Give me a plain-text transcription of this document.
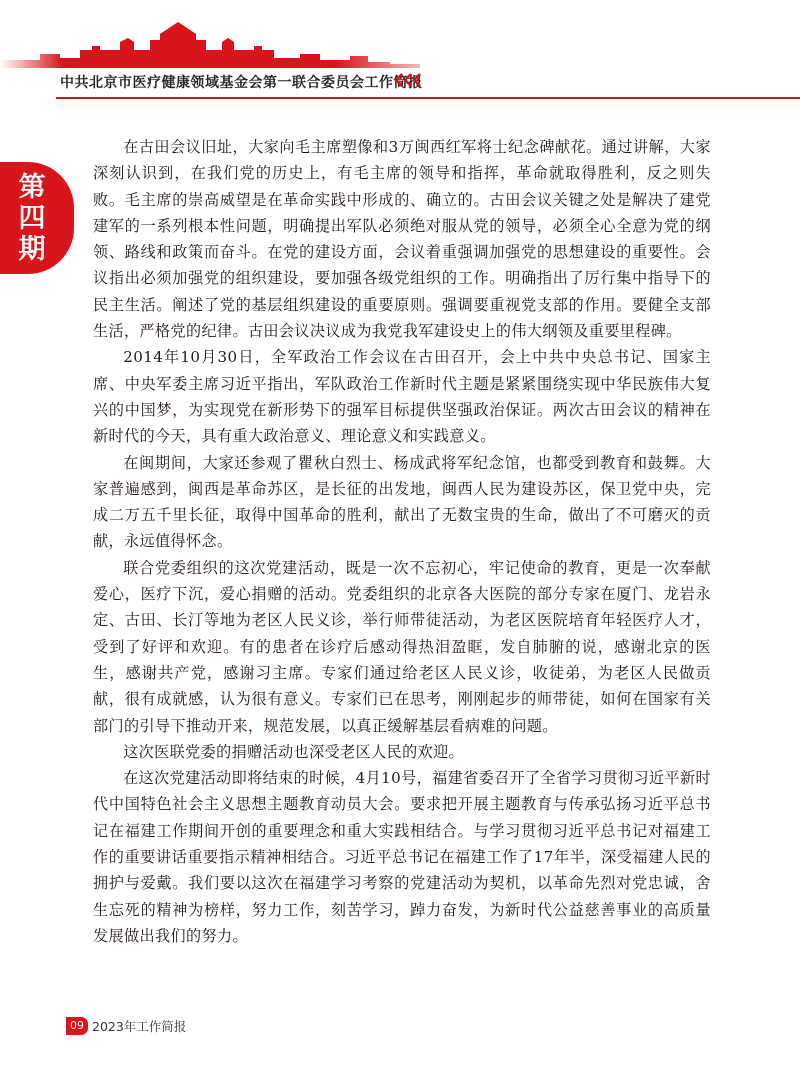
中共北京市医疗健康领域基金会第一联合委员会工作简报
第
四
期

在古田会议旧址，大家向毛主席塑像和3万闽西红军将士纪念碑献花。通过讲解，大家深刻认识到，在我们党的历史上，有毛主席的领导和指挥，革命就取得胜利，反之则失败。毛主席的崇高威望是在革命实践中形成的、确立的。古田会议关键之处是解决了建党建军的一系列根本性问题，明确提出军队必须绝对服从党的领导，必须全心全意为党的纲领、路线和政策而奋斗。在党的建设方面，会议着重强调加强党的思想建设的重要性。会议指出必须加强党的组织建设，要加强各级党组织的工作。明确指出了厉行集中指导下的民主生活。阐述了党的基层组织建设的重要原则。强调要重视党支部的作用。要健全支部生活，严格党的纪律。古田会议决议成为我党我军建设史上的伟大纲领及重要里程碑。

2014年10月30日，全军政治工作会议在古田召开，会上中共中央总书记、国家主席、中央军委主席习近平指出，军队政治工作新时代主题是紧紧围绕实现中华民族伟大复兴的中国梦，为实现党在新形势下的强军目标提供坚强政治保证。两次古田会议的精神在新时代的今天，具有重大政治意义、理论意义和实践意义。

在闽期间，大家还参观了瞿秋白烈士、杨成武将军纪念馆，也都受到教育和鼓舞。大家普遍感到，闽西是革命苏区，是长征的出发地，闽西人民为建设苏区，保卫党中央，完成二万五千里长征，取得中国革命的胜利，献出了无数宝贵的生命，做出了不可磨灭的贡献，永远值得怀念。

联合党委组织的这次党建活动，既是一次不忘初心，牢记使命的教育，更是一次奉献爱心，医疗下沉，爱心捐赠的活动。党委组织的北京各大医院的部分专家在厦门、龙岩永定、古田、长汀等地为老区人民义诊，举行师带徒活动，为老区医院培育年轻医疗人才，受到了好评和欢迎。有的患者在诊疗后感动得热泪盈眶，发自肺腑的说，感谢北京的医生，感谢共产党，感谢习主席。专家们通过给老区人民义诊，收徒弟，为老区人民做贡献，很有成就感，认为很有意义。专家们已在思考，刚刚起步的师带徒，如何在国家有关部门的引导下推动开来，规范发展，以真正缓解基层看病难的问题。

这次医联党委的捐赠活动也深受老区人民的欢迎。

在这次党建活动即将结束的时候，4月10号，福建省委召开了全省学习贯彻习近平新时代中国特色社会主义思想主题教育动员大会。要求把开展主题教育与传承弘扬习近平总书记在福建工作期间开创的重要理念和重大实践相结合。与学习贯彻习近平总书记对福建工作的重要讲话重要指示精神相结合。习近平总书记在福建工作了17年半，深受福建人民的拥护与爱戴。我们要以这次在福建学习考察的党建活动为契机，以革命先烈对党忠诚，舍生忘死的精神为榜样，努力工作，刻苦学习，踔力奋发，为新时代公益慈善事业的高质量发展做出我们的努力。

09 2023年工作简报
